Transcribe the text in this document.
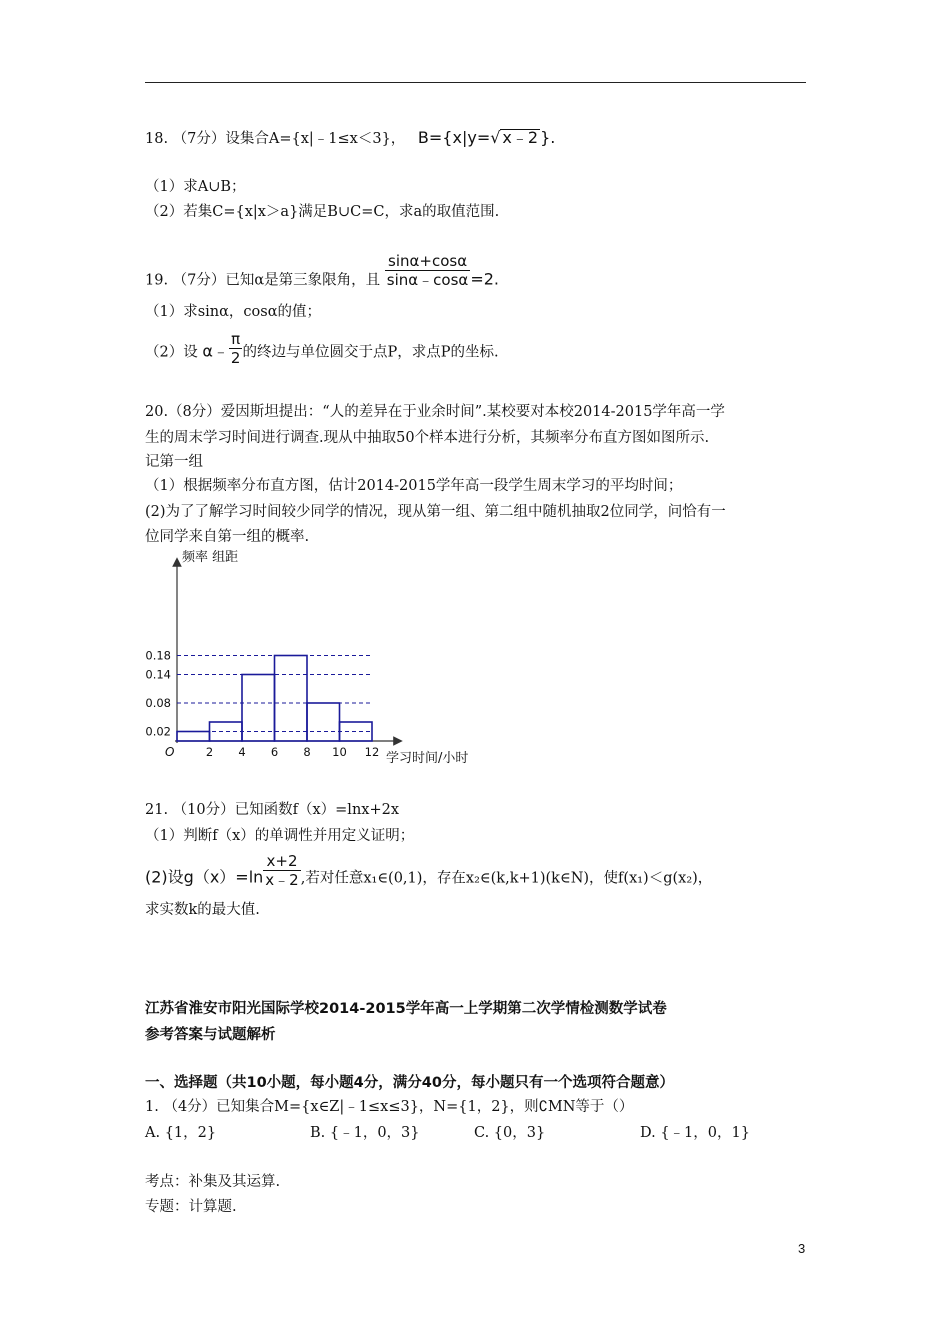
18. （7分）设集合A={x|﹣1≤x＜3}， B={x|y=√ x﹣2 }.
（1）求A∪B；
（2）若集C={x|x＞a}满足B∪C=C，求a的取值范围.
19. （7分）已知α是第三象限角，且 $\frac{\sin\alpha+\cos\alpha}{\sin\alpha﹣\cos\alpha} =2$.
（1）求sinα，cosα的值；
（2）设 α﹣ $\frac{\pi}{2}$ 的终边与单位圆交于点P，求点P的坐标.
20.（8分）爱因斯坦提出：“人的差异在于业余时间”.某校要对本校2014-2015学年高一学
生的周末学习时间进行调查.现从中抽取50个样本进行分析，其频率分布直方图如图所示.
记第一组
（1）根据频率分布直方图，估计2014-2015学年高一段学生周末学习的平均时间；
(2)为了了解学习时间较少同学的情况，现从第一组、第二组中随机抽取2位同学，问恰有一
位同学来自第一组的概率.
频率 组距
学习时间/小时
O
0.18
0.14
0.08
0.02
2 4 6 8 10 12
21. （10分）已知函数f（x）=lnx+2x
（1）判断f（x）的单调性并用定义证明；
(2)设$g(x)=\ln \frac{x+2}{x﹣2}$ ,若对任意x₁∈(0,1)，存在x₂∈(k,k+1)(k∈N)，使f(x₁)＜g(x₂)，
求实数k的最大值.
江苏省淮安市阳光国际学校2014-2015学年高一上学期第二次学情检测数学试卷
参考答案与试题解析
一、选择题（共10小题，每小题4分，满分40分，每小题只有一个选项符合题意）
1. （4分）已知集合M={x∈Z|﹣1≤x≤3}，N={1，2}，则∁MN等于（）
A. {1，2}	B. {﹣1，0，3}	C. {0，3}	D. {﹣1，0，1}
考点：补集及其运算.
专题：计算题.
3
